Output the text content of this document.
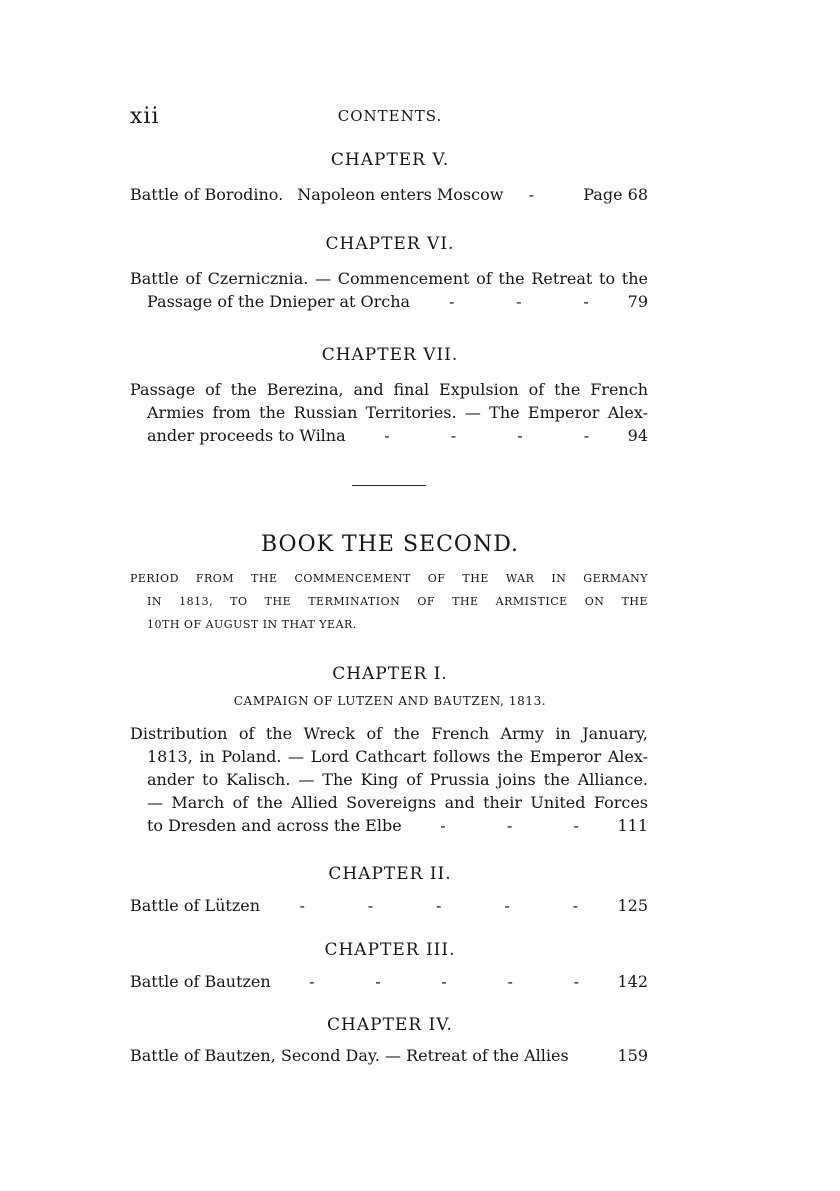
xii	CONTENTS.
CHAPTER V.
Battle of Borodino. Napoleon enters Moscow -	Page 68
CHAPTER VI.
Battle of Czernicznia. — Commencement of the Retreat to the
Passage of the Dnieper at Orcha -	-	- 79
CHAPTER VII.
Passage of the Berezina, and final Expulsion of the French
Armies from the Russian Territories. — The Emperor Alex-
ander proceeds to Wilna -	-	-	- 94
BOOK THE SECOND.
PERIOD FROM THE COMMENCEMENT OF THE WAR IN GERMANY
IN 1813, TO THE TERMINATION OF THE ARMISTICE ON THE
10TH OF AUGUST IN THAT YEAR.
CHAPTER I.
CAMPAIGN OF LUTZEN AND BAUTZEN, 1813.
Distribution of the Wreck of the French Army in January,
1813, in Poland. — Lord Cathcart follows the Emperor Alex-
ander to Kalisch. — The King of Prussia joins the Alliance.
— March of the Allied Sovereigns and their United Forces
to Dresden and across the Elbe -	-	- 111
CHAPTER II.
Battle of Lützen -	-	-	-	- 125
CHAPTER III.
Battle of Bautzen -	-	-	-	- 142
CHAPTER IV.
Battle of Bautzen, Second Day. — Retreat of the Allies	159
